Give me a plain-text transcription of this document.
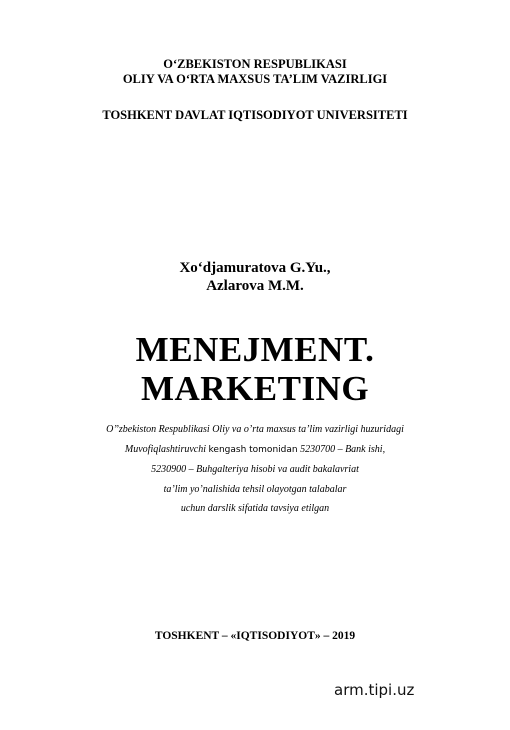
O‘ZBEKISTON RESPUBLIKASI
OLIY VA O‘RTA MAXSUS TA’LIM VAZIRLIGI
TOSHKENT DAVLAT IQTISODIYOT UNIVERSITETI
Xo‘djamuratova G.Yu.,
Azlarova M.M.
MENEJMENT.
MARKETING
O’’zbekiston Respublikasi Oliy va o’rta maxsus ta’lim vazirligi huzuridagi
Muvofiqlashtiruvchi kengash tomonidan 5230700 – Bank ishi,
5230900 – Buhgalteriya hisobi va audit bakalavriat
ta’lim yo’nalishida tehsil olayotgan talabalar
uchun darslik sifatida tavsiya etilgan
TOSHKENT – «IQTISODIYOT» – 2019
arm.tipi.uz
